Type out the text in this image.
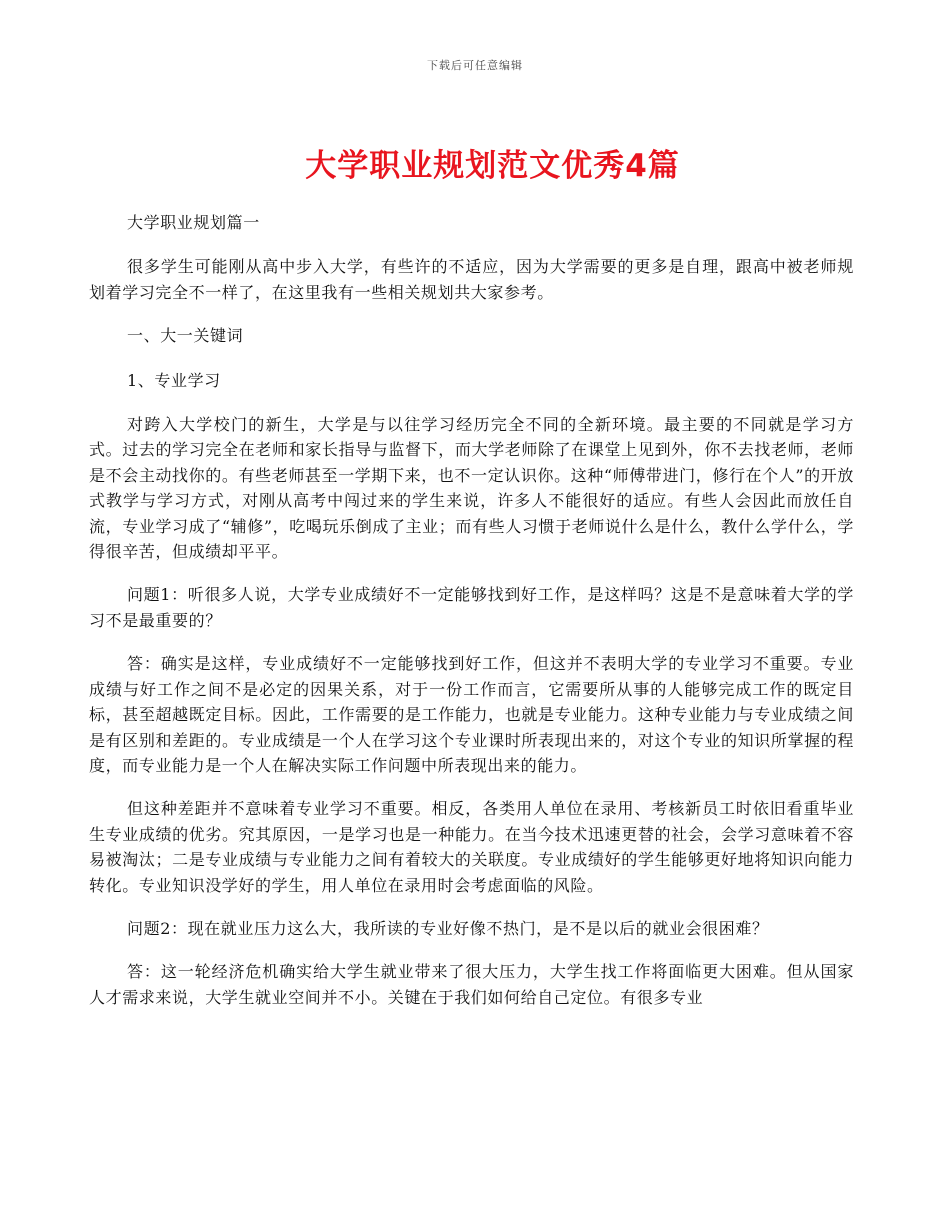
下载后可任意编辑
大学职业规划范文优秀4篇

大学职业规划篇一

很多学生可能刚从高中步入大学，有些许的不适应，因为大学需要的更多是自理，跟高中被老师规划着学习完全不一样了，在这里我有一些相关规划共大家参考。

一、大一关键词

1、专业学习

对跨入大学校门的新生，大学是与以往学习经历完全不同的全新环境。最主要的不同就是学习方式。过去的学习完全在老师和家长指导与监督下，而大学老师除了在课堂上见到外，你不去找老师，老师是不会主动找你的。有些老师甚至一学期下来，也不一定认识你。这种“师傅带进门，修行在个人”的开放式教学与学习方式，对刚从高考中闯过来的学生来说，许多人不能很好的适应。有些人会因此而放任自流，专业学习成了“辅修”，吃喝玩乐倒成了主业；而有些人习惯于老师说什么是什么，教什么学什么，学得很辛苦，但成绩却平平。

问题1：听很多人说，大学专业成绩好不一定能够找到好工作，是这样吗？这是不是意味着大学的学习不是最重要的？

答：确实是这样，专业成绩好不一定能够找到好工作，但这并不表明大学的专业学习不重要。专业成绩与好工作之间不是必定的因果关系，对于一份工作而言，它需要所从事的人能够完成工作的既定目标，甚至超越既定目标。因此，工作需要的是工作能力，也就是专业能力。这种专业能力与专业成绩之间是有区别和差距的。专业成绩是一个人在学习这个专业课时所表现出来的，对这个专业的知识所掌握的程度，而专业能力是一个人在解决实际工作问题中所表现出来的能力。

但这种差距并不意味着专业学习不重要。相反，各类用人单位在录用、考核新员工时依旧看重毕业生专业成绩的优劣。究其原因，一是学习也是一种能力。在当今技术迅速更替的社会，会学习意味着不容易被淘汰；二是专业成绩与专业能力之间有着较大的关联度。专业成绩好的学生能够更好地将知识向能力转化。专业知识没学好的学生，用人单位在录用时会考虑面临的风险。

问题2：现在就业压力这么大，我所读的专业好像不热门，是不是以后的就业会很困难？

答：这一轮经济危机确实给大学生就业带来了很大压力，大学生找工作将面临更大困难。但从国家人才需求来说，大学生就业空间并不小。关键在于我们如何给自己定位。有很多专业
